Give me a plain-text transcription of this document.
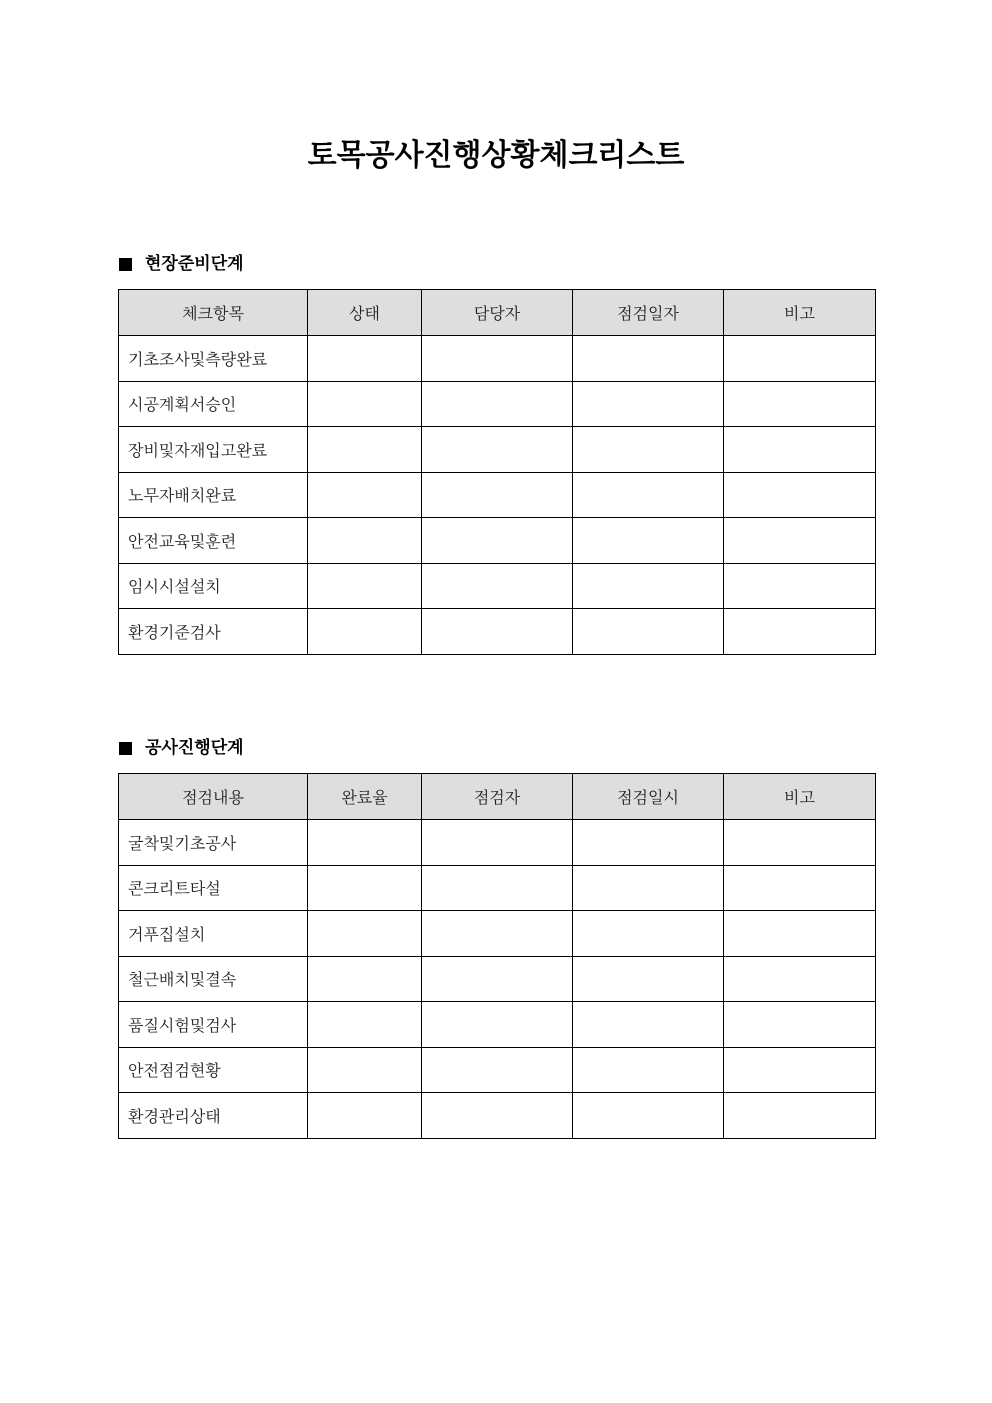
토목공사진행상황체크리스트
현장준비단계
체크항목	상태	담당자	점검일자	비고
기초조사및측량완료				
시공계획서승인				
장비및자재입고완료				
노무자배치완료				
안전교육및훈련				
임시시설설치				
환경기준검사				
공사진행단계
점검내용	완료율	점검자	점검일시	비고
굴착및기초공사				
콘크리트타설				
거푸집설치				
철근배치및결속				
품질시험및검사				
안전점검현황				
환경관리상태				
